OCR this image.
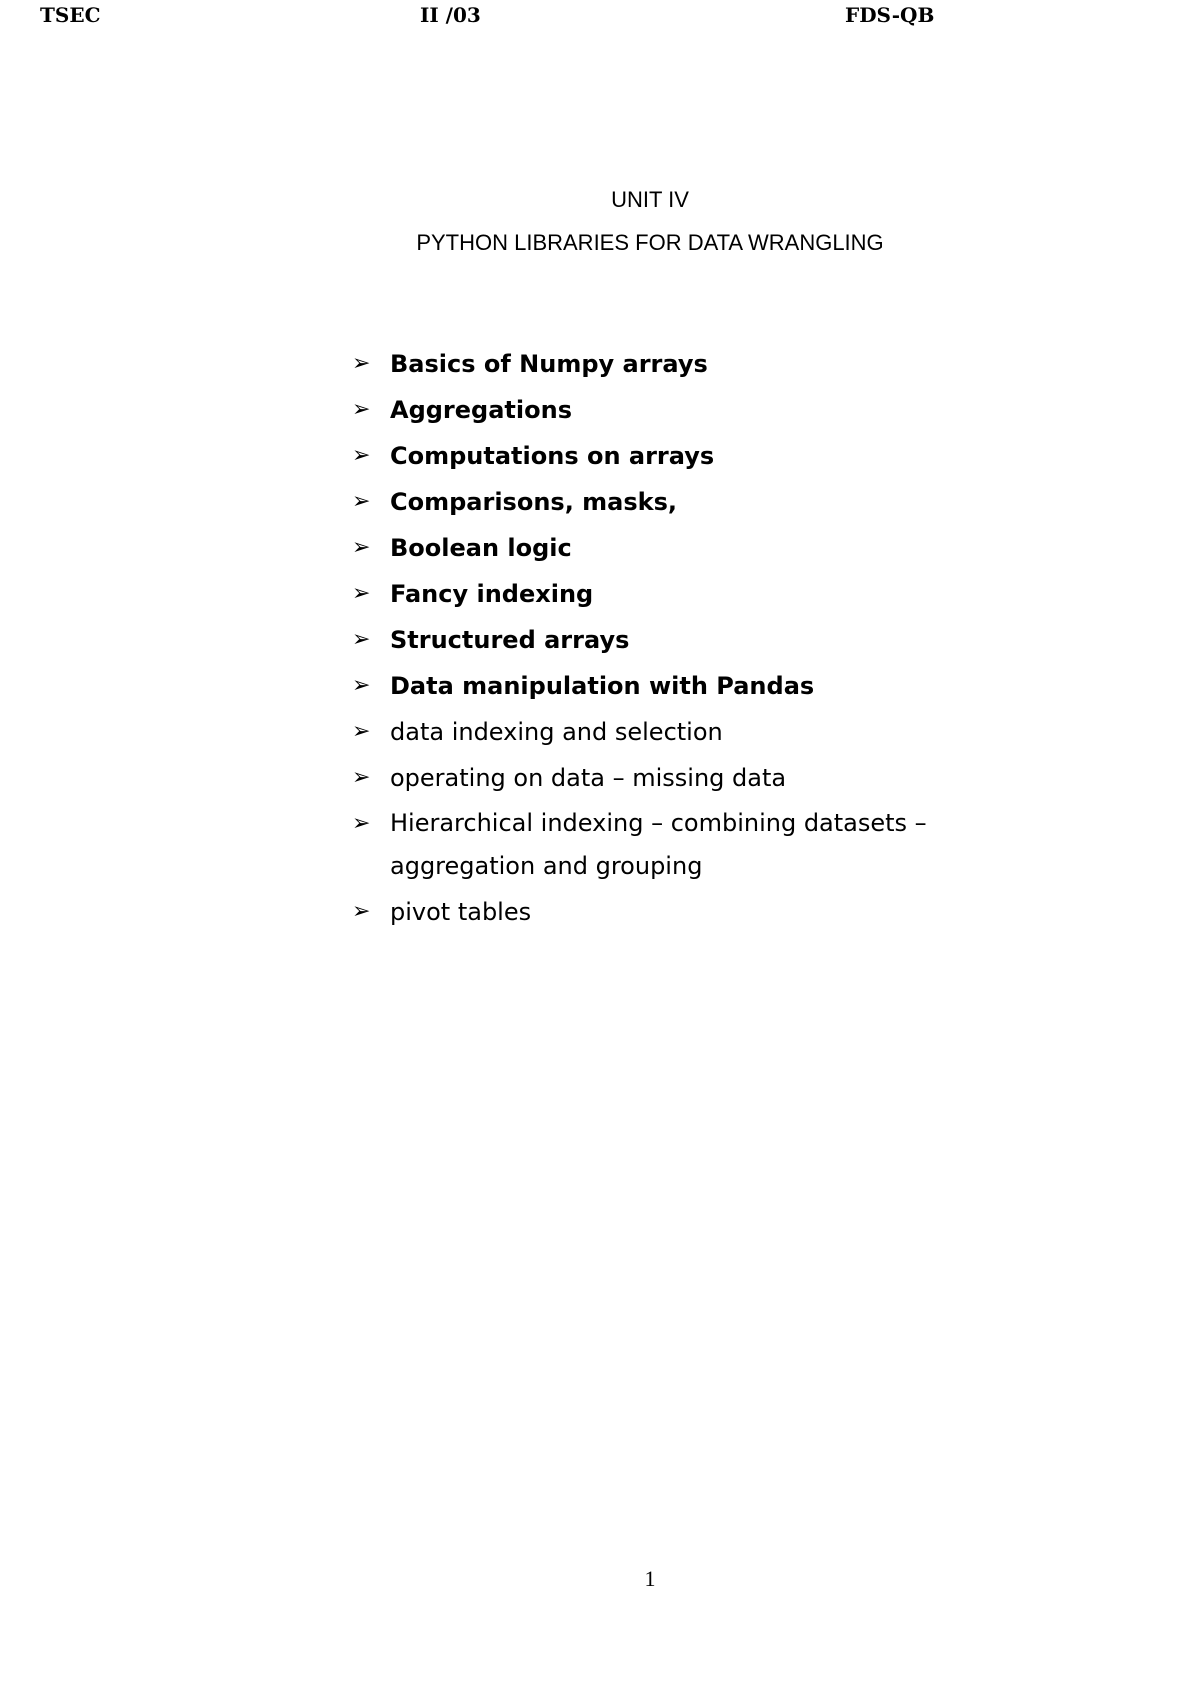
TSEC	II /03	FDS-QB
UNIT IV
PYTHON LIBRARIES FOR DATA WRANGLING
➢ Basics of Numpy arrays
➢ Aggregations
➢ Computations on arrays
➢ Comparisons, masks,
➢ Boolean logic
➢ Fancy indexing
➢ Structured arrays
➢ Data manipulation with Pandas
➢ data indexing and selection
➢ operating on data – missing data
➢ Hierarchical indexing – combining datasets – aggregation and grouping
➢ pivot tables
1
